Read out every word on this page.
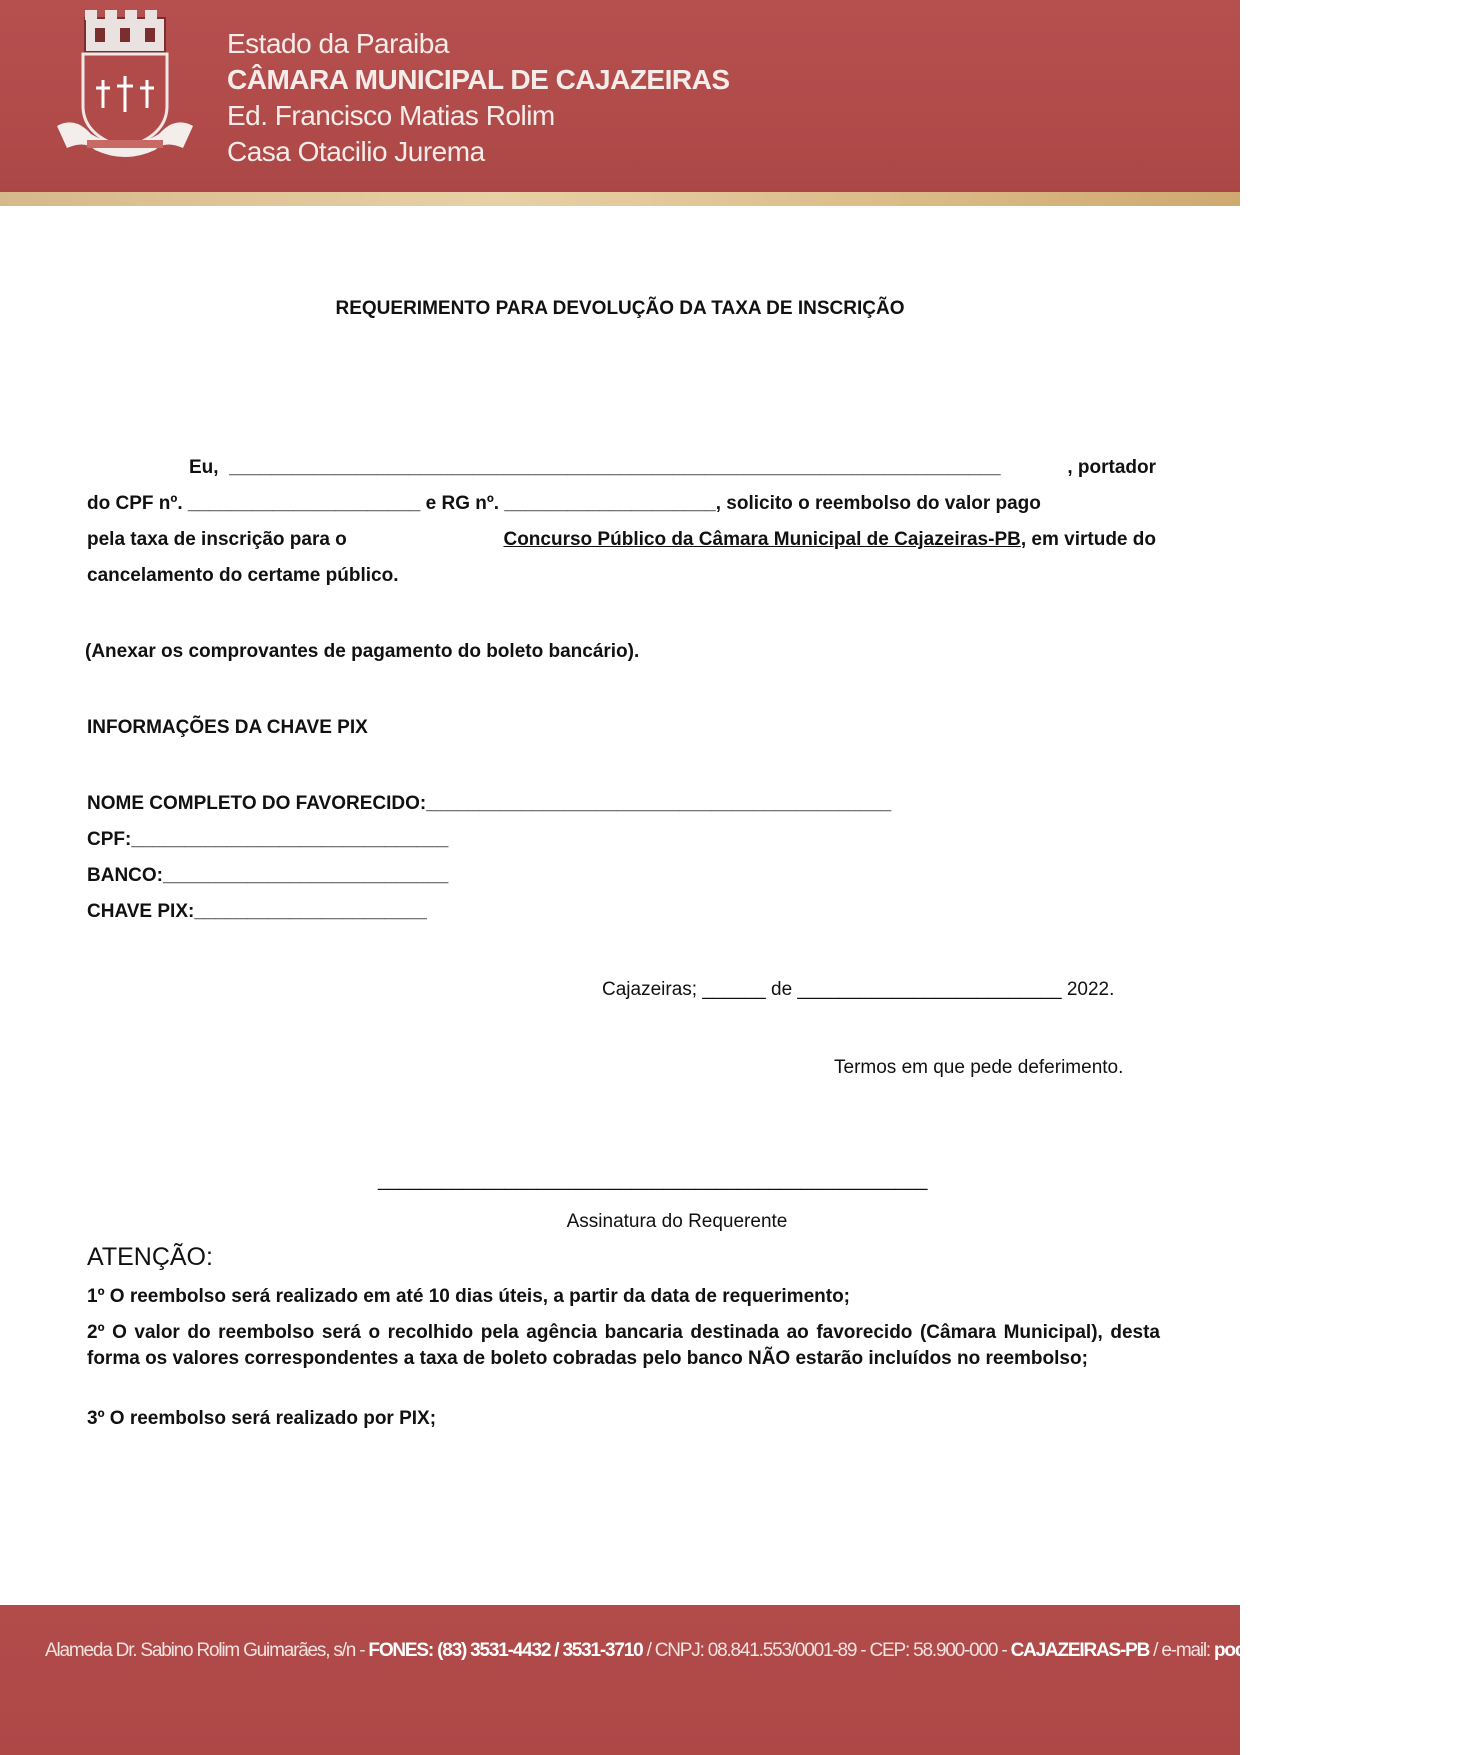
Estado da Paraiba
CÂMARA MUNICIPAL DE CAJAZEIRAS
Ed. Francisco Matias Rolim
Casa Otacilio Jurema
REQUERIMENTO PARA DEVOLUÇÃO DA TAXA DE INSCRIÇÃO
Eu, _________________________________________________________________________	, portador
do CPF nº. ______________________ e RG nº. ____________________, solicito o reembolso do valor pago
pela taxa de inscrição para o	Concurso Público da Câmara Municipal de Cajazeiras-PB, em virtude do
cancelamento do certame público.
(Anexar os comprovantes de pagamento do boleto bancário).
INFORMAÇÕES DA CHAVE PIX
NOME COMPLETO DO FAVORECIDO:____________________________________________
CPF:______________________________
BANCO:___________________________
CHAVE PIX:______________________
Cajazeiras; ______ de _________________________ 2022.
Termos em que pede deferimento.
____________________________________________________
Assinatura do Requerente
ATENÇÃO:
1º O reembolso será realizado em até 10 dias úteis, a partir da data de requerimento;
2º O valor do reembolso será o recolhido pela agência bancaria destinada ao favorecido (Câmara Municipal), desta forma os valores correspondentes a taxa de boleto cobradas pelo banco NÃO estarão incluídos no reembolso;
3º O reembolso será realizado por PIX;
Alameda Dr. Sabino Rolim Guimarães, s/n - FONES: (83) 3531-4432 / 3531-3710 / CNPJ: 08.841.553/0001-89 - CEP: 58.900-000 - CAJAZEIRAS-PB / e-mail: poderlegislativocz@gmail.com
